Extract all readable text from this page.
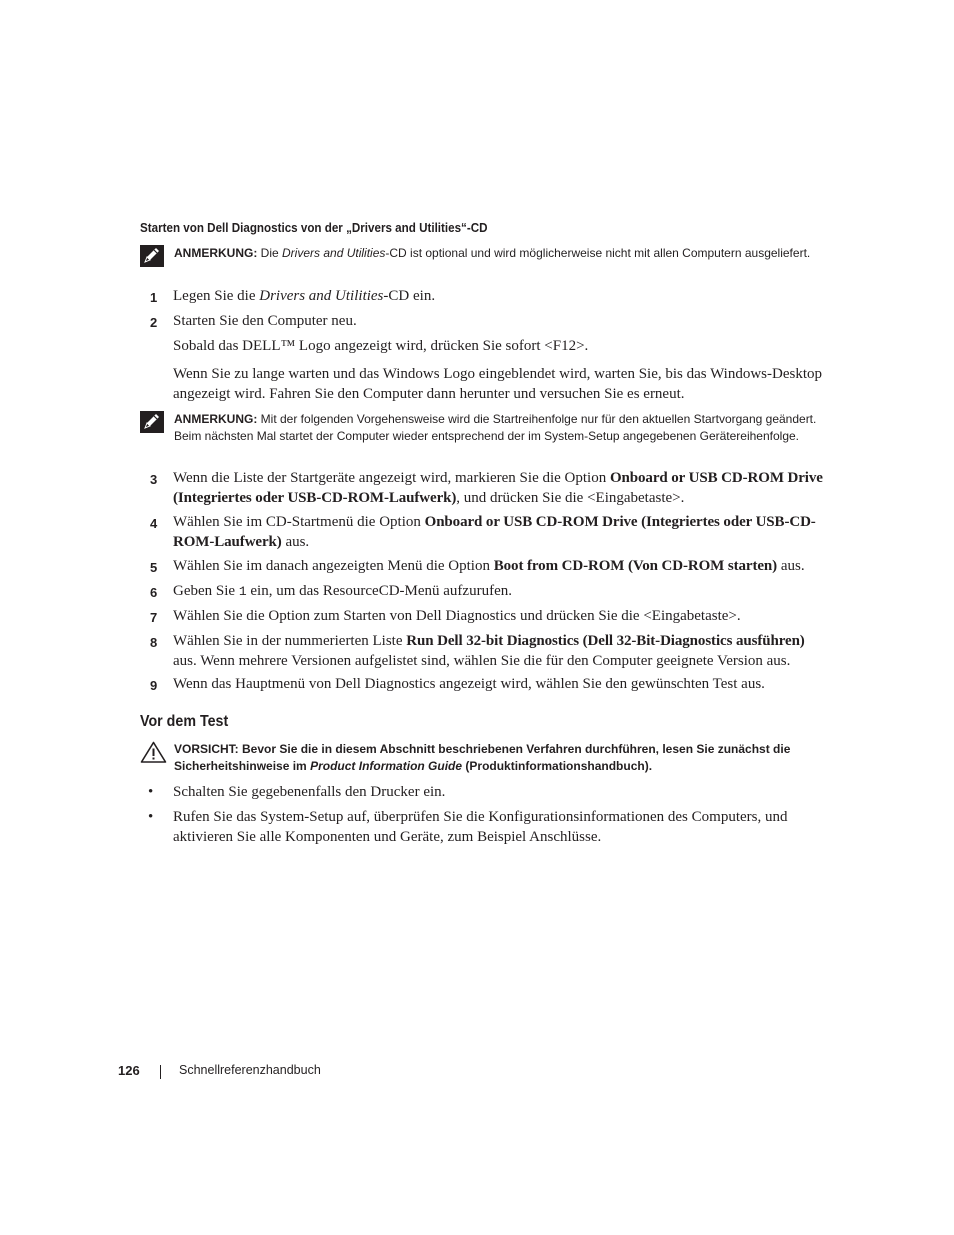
Starten von Dell Diagnostics von der „Drivers and Utilities“-CD
ANMERKUNG: Die Drivers and Utilities-CD ist optional und wird möglicherweise nicht mit allen Computern ausgeliefert.
1 Legen Sie die Drivers and Utilities-CD ein.
2 Starten Sie den Computer neu.
Sobald das DELL™ Logo angezeigt wird, drücken Sie sofort <F12>.
Wenn Sie zu lange warten und das Windows Logo eingeblendet wird, warten Sie, bis das Windows-Desktop angezeigt wird. Fahren Sie den Computer dann herunter und versuchen Sie es erneut.
ANMERKUNG: Mit der folgenden Vorgehensweise wird die Startreihenfolge nur für den aktuellen Startvorgang geändert. Beim nächsten Mal startet der Computer wieder entsprechend der im System-Setup angegebenen Gerätereihenfolge.
3 Wenn die Liste der Startgeräte angezeigt wird, markieren Sie die Option Onboard or USB CD-ROM Drive (Integriertes oder USB-CD-ROM-Laufwerk), und drücken Sie die <Eingabetaste>.
4 Wählen Sie im CD-Startmenü die Option Onboard or USB CD-ROM Drive (Integriertes oder USB-CD-ROM-Laufwerk) aus.
5 Wählen Sie im danach angezeigten Menü die Option Boot from CD-ROM (Von CD-ROM starten) aus.
6 Geben Sie 1 ein, um das ResourceCD-Menü aufzurufen.
7 Wählen Sie die Option zum Starten von Dell Diagnostics und drücken Sie die <Eingabetaste>.
8 Wählen Sie in der nummerierten Liste Run Dell 32-bit Diagnostics (Dell 32-Bit-Diagnostics ausführen) aus. Wenn mehrere Versionen aufgelistet sind, wählen Sie die für den Computer geeignete Version aus.
9 Wenn das Hauptmenü von Dell Diagnostics angezeigt wird, wählen Sie den gewünschten Test aus.
Vor dem Test
VORSICHT: Bevor Sie die in diesem Abschnitt beschriebenen Verfahren durchführen, lesen Sie zunächst die Sicherheitshinweise im Product Information Guide (Produktinformationshandbuch).
• Schalten Sie gegebenenfalls den Drucker ein.
• Rufen Sie das System-Setup auf, überprüfen Sie die Konfigurationsinformationen des Computers, und aktivieren Sie alle Komponenten und Geräte, zum Beispiel Anschlüsse.
126	Schnellreferenzhandbuch
